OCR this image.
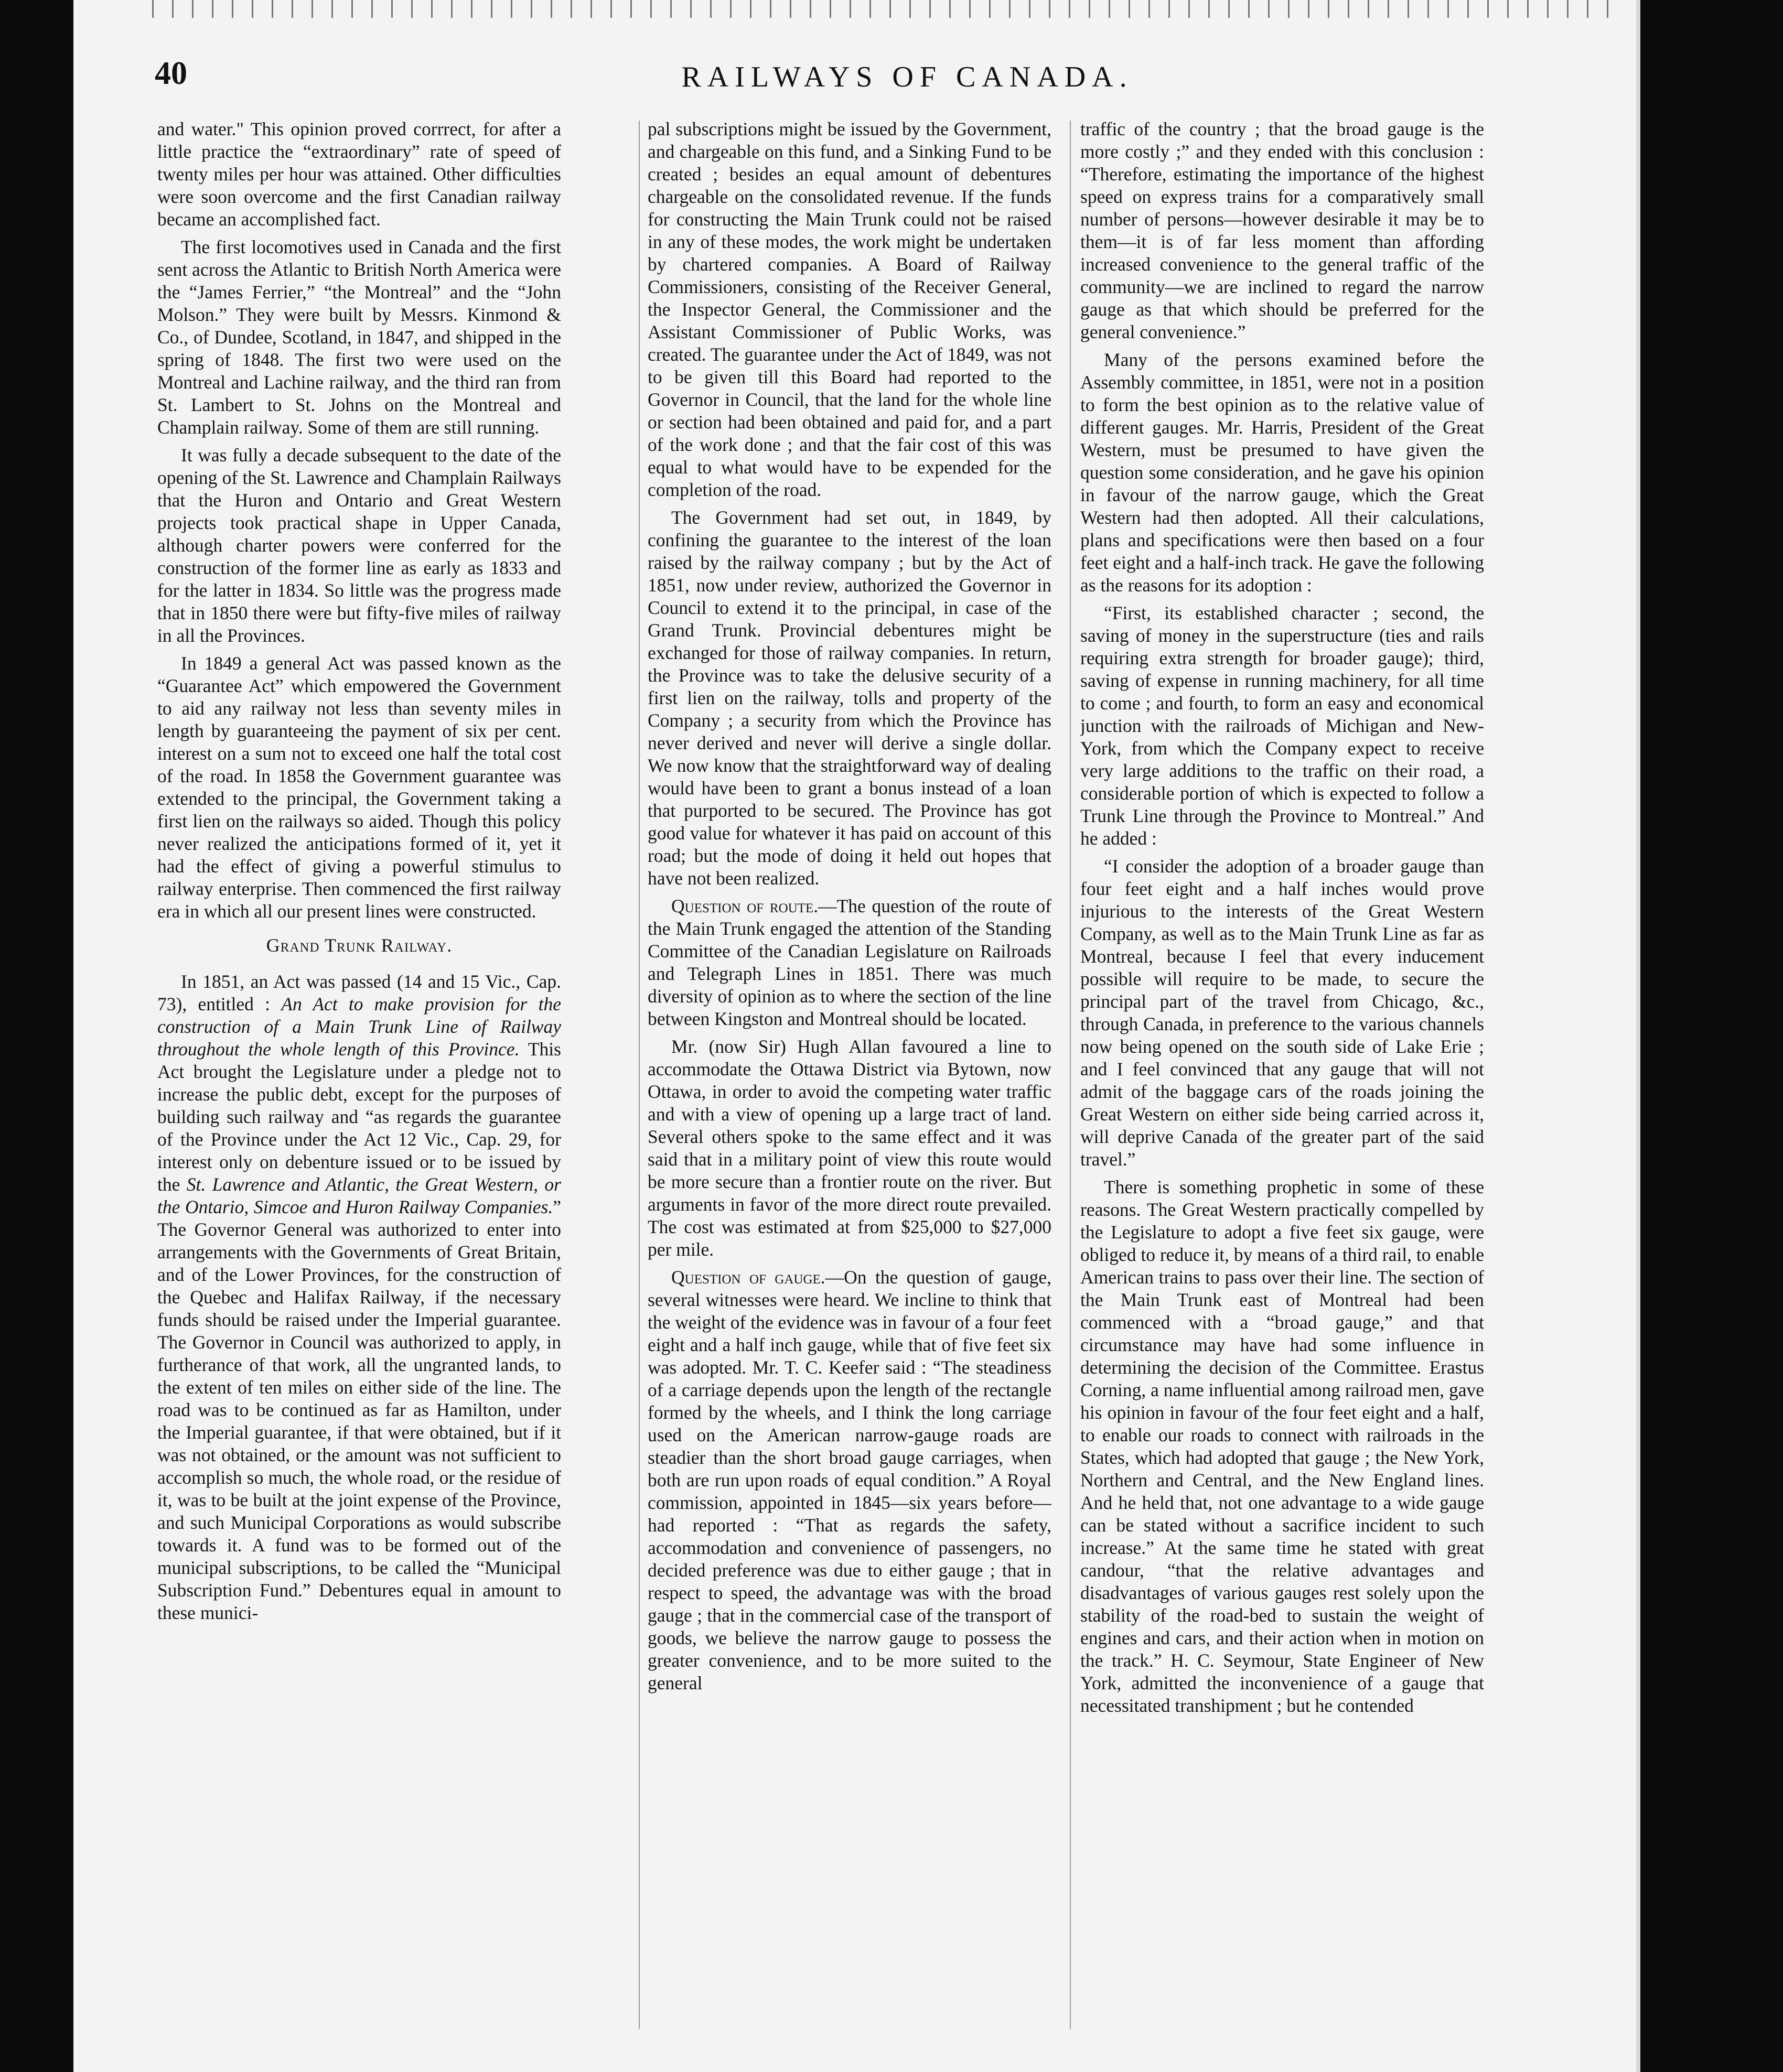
40	RAILWAYS OF CANADA.

and water." This opinion proved corrrect, for after a little practice the “extraordinary” rate of speed of twenty miles per hour was attained. Other difficulties were soon overcome and the first Canadian railway became an accomplished fact.

The first locomotives used in Canada and the first sent across the Atlantic to British North America were the “James Ferrier,” “the Montreal” and the “John Molson.” They were built by Messrs. Kinmond & Co., of Dundee, Scotland, in 1847, and shipped in the spring of 1848. The first two were used on the Montreal and Lachine railway, and the third ran from St. Lambert to St. Johns on the Montreal and Champlain railway. Some of them are still running.

It was fully a decade subsequent to the date of the opening of the St. Lawrence and Champlain Railways that the Huron and Ontario and Great Western projects took practical shape in Upper Canada, although charter powers were conferred for the construction of the former line as early as 1833 and for the latter in 1834. So little was the progress made that in 1850 there were but fifty-five miles of railway in all the Provinces.

In 1849 a general Act was passed known as the “Guarantee Act” which empowered the Government to aid any railway not less than seventy miles in length by guaranteeing the payment of six per cent. interest on a sum not to exceed one half the total cost of the road. In 1858 the Government guarantee was extended to the principal, the Government taking a first lien on the railways so aided. Though this policy never realized the anticipations formed of it, yet it had the effect of giving a powerful stimulus to railway enterprise. Then commenced the first railway era in which all our present lines were constructed.

Grand Trunk Railway.

In 1851, an Act was passed (14 and 15 Vic., Cap. 73), entitled : An Act to make provision for the construction of a Main Trunk Line of Railway throughout the whole length of this Province. This Act brought the Legislature under a pledge not to increase the public debt, except for the purposes of building such railway and “as regards the guarantee of the Province under the Act 12 Vic., Cap. 29, for interest only on debenture issued or to be issued by the St. Lawrence and Atlantic, the Great Western, or the Ontario, Simcoe and Huron Railway Companies.” The Governor General was authorized to enter into arrangements with the Governments of Great Britain, and of the Lower Provinces, for the construction of the Quebec and Halifax Railway, if the necessary funds should be raised under the Imperial guarantee. The Governor in Council was authorized to apply, in furtherance of that work, all the ungranted lands, to the extent of ten miles on either side of the line. The road was to be continued as far as Hamilton, under the Imperial guarantee, if that were obtained, but if it was not obtained, or the amount was not sufficient to accomplish so much, the whole road, or the residue of it, was to be built at the joint expense of the Province, and such Municipal Corporations as would subscribe towards it. A fund was to be formed out of the municipal subscriptions, to be called the “Municipal Subscription Fund.” Debentures equal in amount to these munici-

pal subscriptions might be issued by the Government, and chargeable on this fund, and a Sinking Fund to be created ; besides an equal amount of debentures chargeable on the consolidated revenue. If the funds for constructing the Main Trunk could not be raised in any of these modes, the work might be undertaken by chartered companies. A Board of Railway Commissioners, consisting of the Receiver General, the Inspector General, the Commissioner and the Assistant Commissioner of Public Works, was created. The guarantee under the Act of 1849, was not to be given till this Board had reported to the Governor in Council, that the land for the whole line or section had been obtained and paid for, and a part of the work done ; and that the fair cost of this was equal to what would have to be expended for the completion of the road.

The Government had set out, in 1849, by confining the guarantee to the interest of the loan raised by the railway company ; but by the Act of 1851, now under review, authorized the Governor in Council to extend it to the principal, in case of the Grand Trunk. Provincial debentures might be exchanged for those of railway companies. In return, the Province was to take the delusive security of a first lien on the railway, tolls and property of the Company ; a security from which the Province has never derived and never will derive a single dollar. We now know that the straightforward way of dealing would have been to grant a bonus instead of a loan that purported to be secured. The Province has got good value for whatever it has paid on account of this road; but the mode of doing it held out hopes that have not been realized.

Question of route.—The question of the route of the Main Trunk engaged the attention of the Standing Committee of the Canadian Legislature on Railroads and Telegraph Lines in 1851. There was much diversity of opinion as to where the section of the line between Kingston and Montreal should be located.

Mr. (now Sir) Hugh Allan favoured a line to accommodate the Ottawa District via Bytown, now Ottawa, in order to avoid the competing water traffic and with a view of opening up a large tract of land. Several others spoke to the same effect and it was said that in a military point of view this route would be more secure than a frontier route on the river. But arguments in favor of the more direct route prevailed. The cost was estimated at from $25,000 to $27,000 per mile.

Question of gauge.—On the question of gauge, several witnesses were heard. We incline to think that the weight of the evidence was in favour of a four feet eight and a half inch gauge, while that of five feet six was adopted. Mr. T. C. Keefer said : “The steadiness of a carriage depends upon the length of the rectangle formed by the wheels, and I think the long carriage used on the American narrow-gauge roads are steadier than the short broad gauge carriages, when both are run upon roads of equal condition.” A Royal commission, appointed in 1845—six years before—had reported : “That as regards the safety, accommodation and convenience of passengers, no decided preference was due to either gauge ; that in respect to speed, the advantage was with the broad gauge ; that in the commercial case of the transport of goods, we believe the narrow gauge to possess the greater convenience, and to be more suited to the general

traffic of the country ; that the broad gauge is the more costly ;” and they ended with this conclusion : “Therefore, estimating the importance of the highest speed on express trains for a comparatively small number of persons—however desirable it may be to them—it is of far less moment than affording increased convenience to the general traffic of the community—we are inclined to regard the narrow gauge as that which should be preferred for the general convenience.”

Many of the persons examined before the Assembly committee, in 1851, were not in a position to form the best opinion as to the relative value of different gauges. Mr. Harris, President of the Great Western, must be presumed to have given the question some consideration, and he gave his opinion in favour of the narrow gauge, which the Great Western had then adopted. All their calculations, plans and specifications were then based on a four feet eight and a half-inch track. He gave the following as the reasons for its adoption :

“First, its established character ; second, the saving of money in the superstructure (ties and rails requiring extra strength for broader gauge); third, saving of expense in running machinery, for all time to come ; and fourth, to form an easy and economical junction with the railroads of Michigan and New-York, from which the Company expect to receive very large additions to the traffic on their road, a considerable portion of which is expected to follow a Trunk Line through the Province to Montreal.” And he added :

“I consider the adoption of a broader gauge than four feet eight and a half inches would prove injurious to the interests of the Great Western Company, as well as to the Main Trunk Line as far as Montreal, because I feel that every inducement possible will require to be made, to secure the principal part of the travel from Chicago, &c., through Canada, in preference to the various channels now being opened on the south side of Lake Erie ; and I feel convinced that any gauge that will not admit of the baggage cars of the roads joining the Great Western on either side being carried across it, will deprive Canada of the greater part of the said travel.”

There is something prophetic in some of these reasons. The Great Western practically compelled by the Legislature to adopt a five feet six gauge, were obliged to reduce it, by means of a third rail, to enable American trains to pass over their line. The section of the Main Trunk east of Montreal had been commenced with a “broad gauge,” and that circumstance may have had some influence in determining the decision of the Committee. Erastus Corning, a name influential among railroad men, gave his opinion in favour of the four feet eight and a half, to enable our roads to connect with railroads in the States, which had adopted that gauge ; the New York, Northern and Central, and the New England lines. And he held that, not one advantage to a wide gauge can be stated without a sacrifice incident to such increase.” At the same time he stated with great candour, “that the relative advantages and disadvantages of various gauges rest solely upon the stability of the road-bed to sustain the weight of engines and cars, and their action when in motion on the track.” H. C. Seymour, State Engineer of New York, admitted the inconvenience of a gauge that necessitated transhipment ; but he contended
